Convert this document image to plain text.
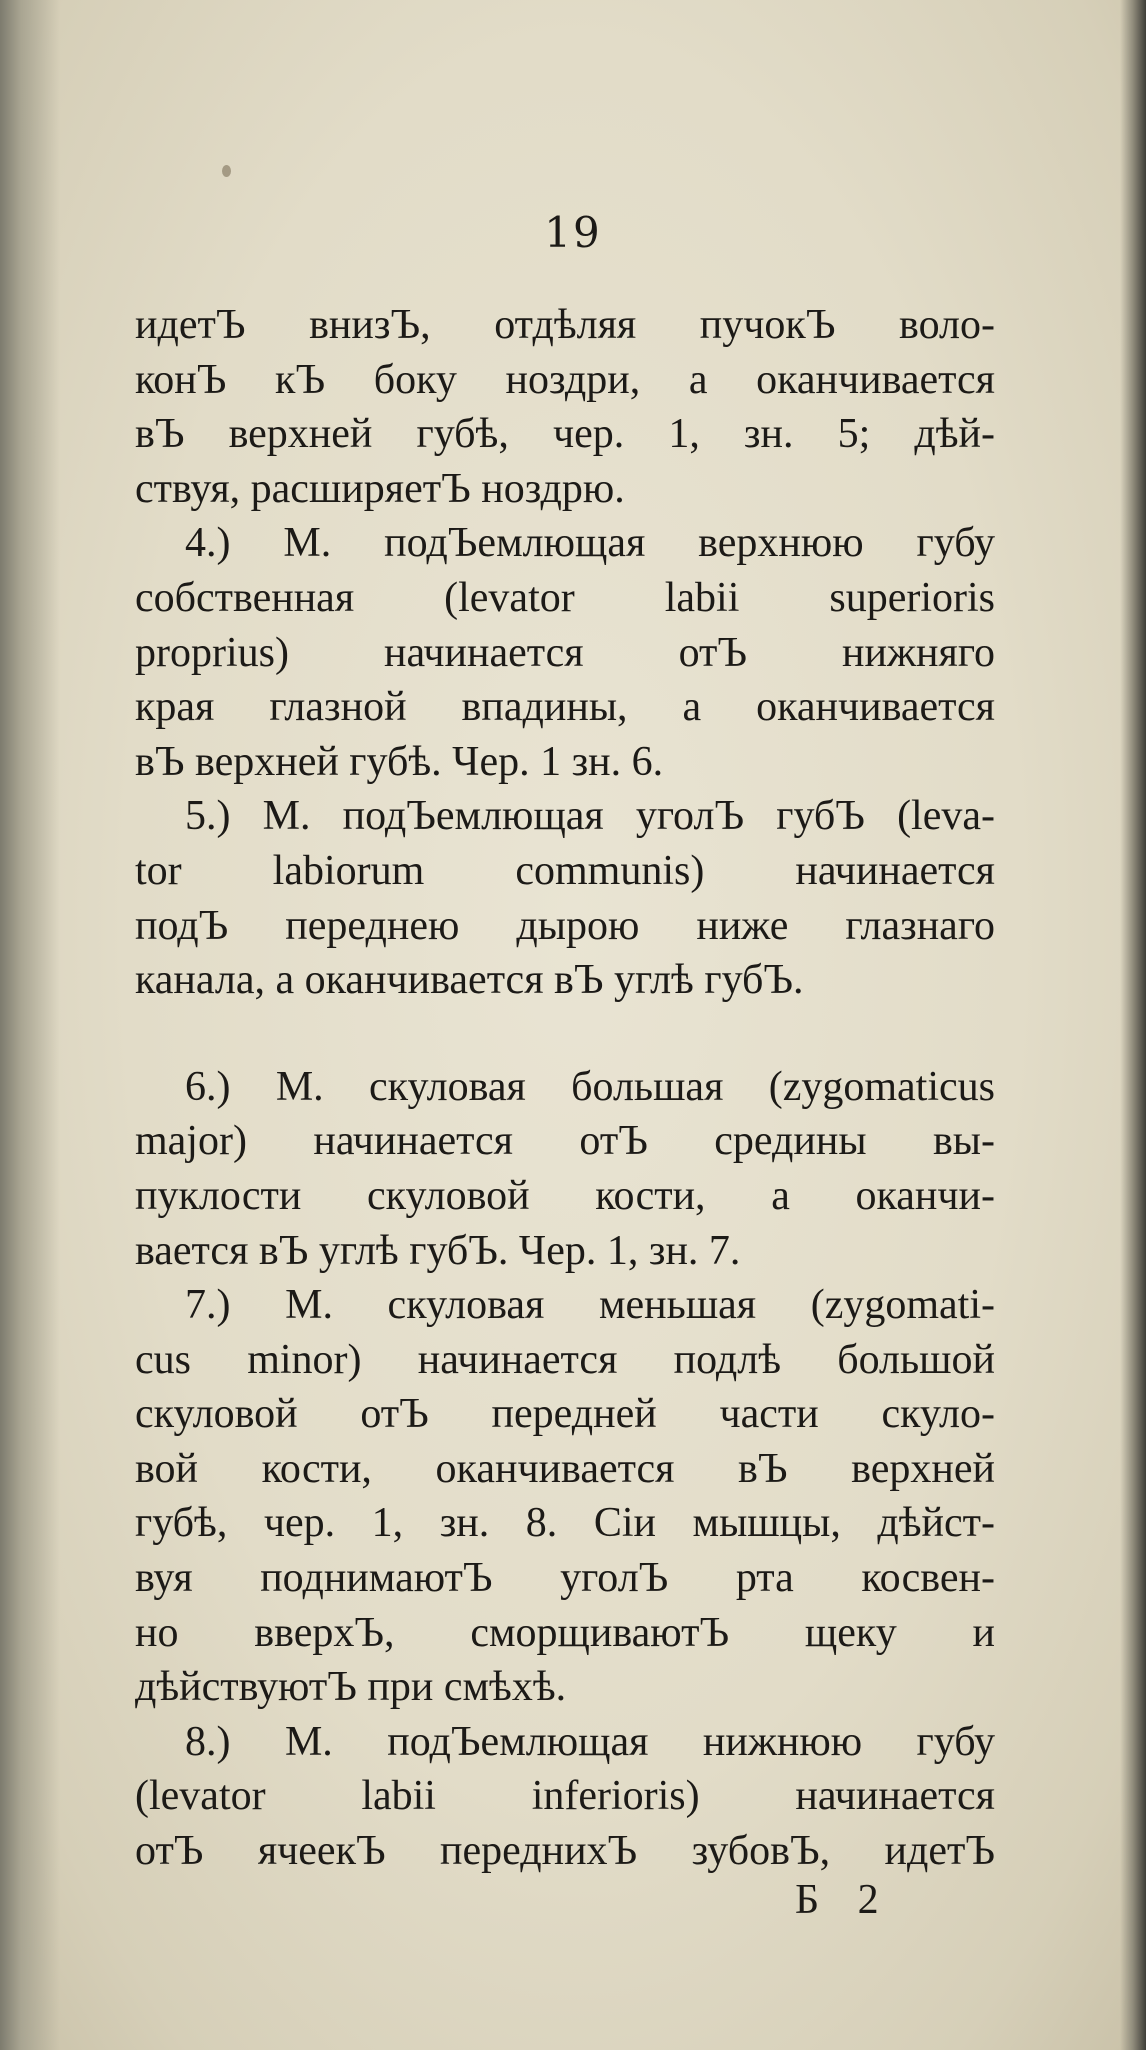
19
идетЪ внизЪ, отдѣляя пучокЪ воло-
конЪ кЪ боку ноздри, а оканчивается
вЪ верхней губѣ, чер. 1, зн. 5; дѣй-
ствуя, расширяетЪ ноздрю.
4.) М. подЪемлющая верхнюю губу
собственная (levator labii superioris
proprius) начинается отЪ нижняго
края глазной впадины, а оканчивается
вЪ верхней губѣ. Чер. 1 зн. 6.
5.) М. подЪемлющая уголЪ губЪ (leva-
tor labiorum communis) начинается
подЪ переднею дырою ниже глазнаго
канала, а оканчивается вЪ углѣ губЪ.
6.) М. скуловая большая (zygomaticus
major) начинается отЪ средины вы-
пуклости скуловой кости, а оканчи-
вается вЪ углѣ губЪ. Чер. 1, зн. 7.
7.) М. скуловая меньшая (zygomati-
cus minor) начинается подлѣ большой
скуловой отЪ передней части скуло-
вой кости, оканчивается вЪ верхней
губѣ, чер. 1, зн. 8. Сіи мышцы, дѣйст-
вуя поднимаютЪ уголЪ рта косвен-
но вверхЪ, сморщиваютЪ щеку и
дѣйствуютЪ при смѣхѣ.
8.) М. подЪемлющая нижнюю губу
(levator labii inferioris) начинается
отЪ ячеекЪ переднихЪ зубовЪ, идетЪ
Б 2
